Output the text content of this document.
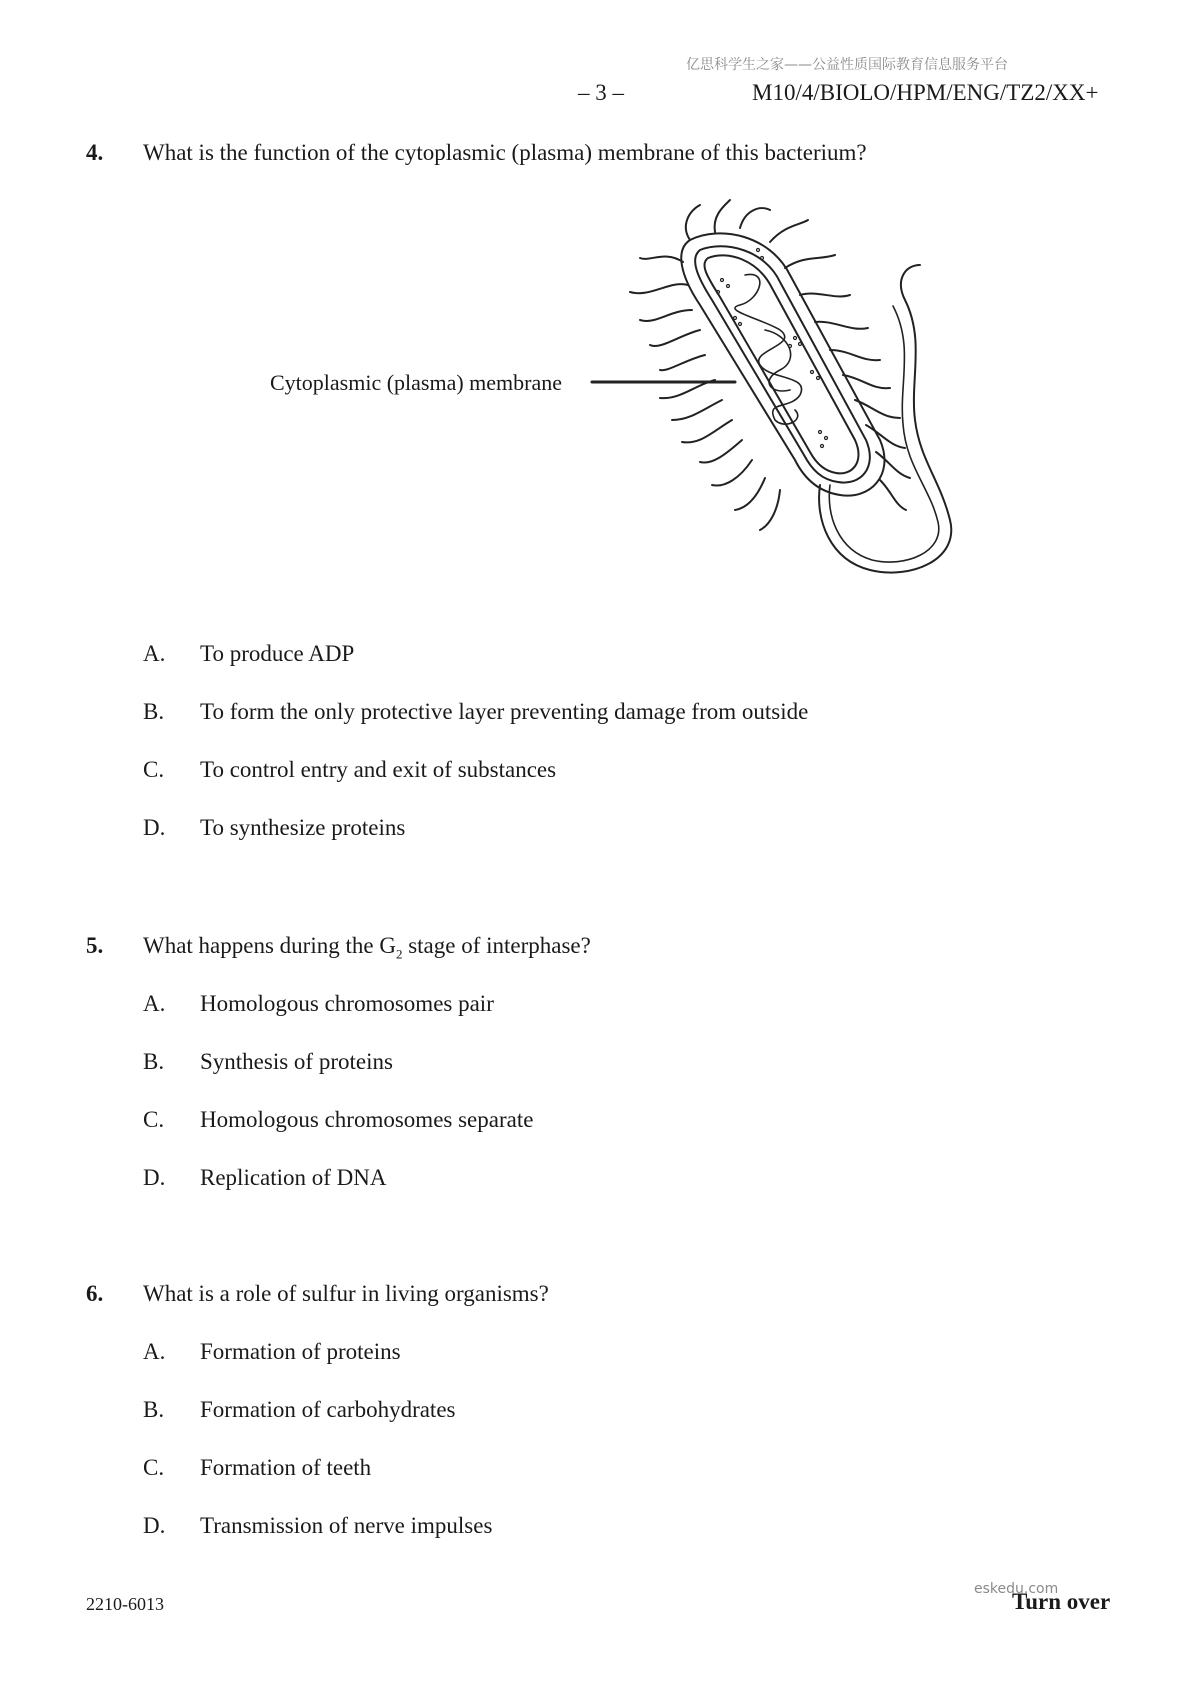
亿思科学生之家——公益性质国际教育信息服务平台
– 3 –	M10/4/BIOLO/HPM/ENG/TZ2/XX+
4. What is the function of the cytoplasmic (plasma) membrane of this bacterium?
Cytoplasmic (plasma) membrane
A. To produce ADP
B. To form the only protective layer preventing damage from outside
C. To control entry and exit of substances
D. To synthesize proteins
5. What happens during the $G_2$ stage of interphase?
A. Homologous chromosomes pair
B. Synthesis of proteins
C. Homologous chromosomes separate
D. Replication of DNA
6. What is a role of sulfur in living organisms?
A. Formation of proteins
B. Formation of carbohydrates
C. Formation of teeth
D. Transmission of nerve impulses
2210-6013	Turn over
eskedu.com
